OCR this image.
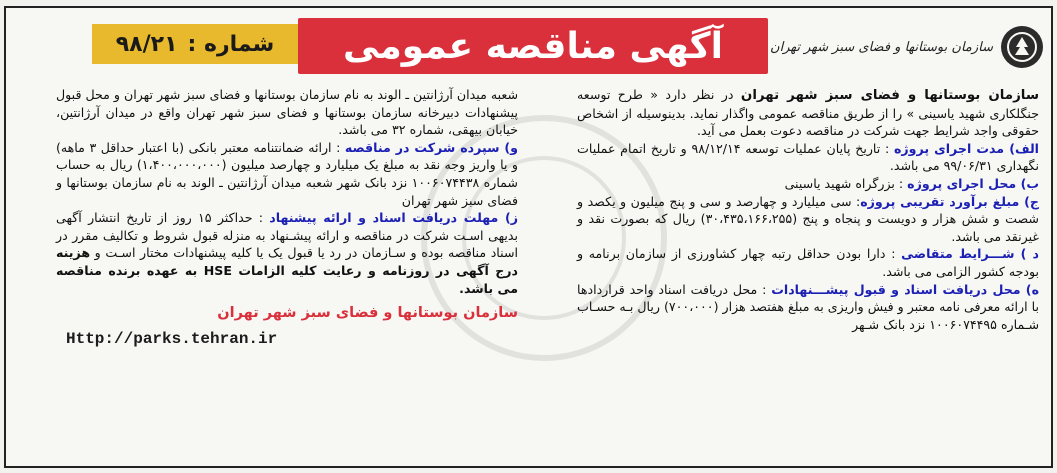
سازمان بوستانها و فضای سبز شهر تهران
آگهی مناقصه عمومی
شماره :
۹۸/۲۱

سازمان بوستانها و فضای سبز شهر تهران در نظر دارد « طرح توسعه جنگلکاری شهید یاسینی » را از طریق مناقصه عمومی واگذار نماید. بدینوسیله از اشخاص حقوقی واجد شرایط جهت شرکت در مناقصه دعوت بعمل می آید.

الف) مدت اجرای پروژه : تاریخ پایان عملیات توسعه ۹۸/۱۲/۱۴ و تاریخ اتمام عملیات نگهداری ۹۹/۰۶/۳۱ می باشد.

ب) محل اجرای پروژه : بزرگراه شهید یاسینی

ج) مبلغ برآورد تقریبی پروژه: سی میلیارد و چهارصد و سی و پنج میلیون و یکصد و شصت و شش هزار و دویست و پنجاه و پنج (۳۰،۴۳۵،۱۶۶،۲۵۵) ریال که بصورت نقد و غیرنقد می باشد.

د ) شـــرایط متقاضی : دارا بودن حداقل رتبه چهار کشاورزی از سازمان برنامه و بودجه کشور الزامی می باشد.

ه) محل دریافت اسناد و قبول پیشـــنهادات : محل دریافت اسناد واحد قراردادها با ارائه معرفی نامه معتبر و فیش واریزی به مبلغ هفتصد هزار (۷۰۰،۰۰۰) ریال بـه حسـاب شـماره ۱۰۰۶۰۷۴۴۹۵ نزد بانک شـهر

شعبه میدان آرژانتین ـ الوند به نام سازمان بوستانها و فضای سبز شهر تهران و محل قبول پیشنهادات دبیرخانه سازمان بوستانها و فضای سبز شهر تهران واقع در میدان آرژانتین، خیابان بیهقی، شماره ۳۲ می باشد.

و) سپرده شرکت در مناقصه : ارائه ضمانتنامه معتبر بانکی (با اعتبار حداقل ۳ ماهه) و یا واریز وجه نقد به مبلغ یک میلیارد و چهارصد میلیون (۱،۴۰۰،۰۰۰،۰۰۰) ریال به حساب شماره ۱۰۰۶۰۷۴۴۳۸ نزد بانک شهر شعبه میدان آرژانتین ـ الوند به نام سازمان بوستانها و فضای سبز شهر تهران

ز) مهلت دریافت اسناد و ارائه پیشنهاد : حداکثر ۱۵ روز از تاریخ انتشار آگهی بدیهی اسـت شرکت در مناقصه و ارائه پیشـنهاد به منزله قبول شروط و تکالیف مقرر در اسناد مناقصه بوده و سـازمان در رد یا قبول یک یا کلیه پیشنهادات مختار اسـت و هزینه درج آگهی در روزنامه و رعایت کلیه الزامات HSE به عهده برنده مناقصه می باشد.

سازمان بوستانها و فضای سبز شهر تهران
Http://parks.tehran.ir
